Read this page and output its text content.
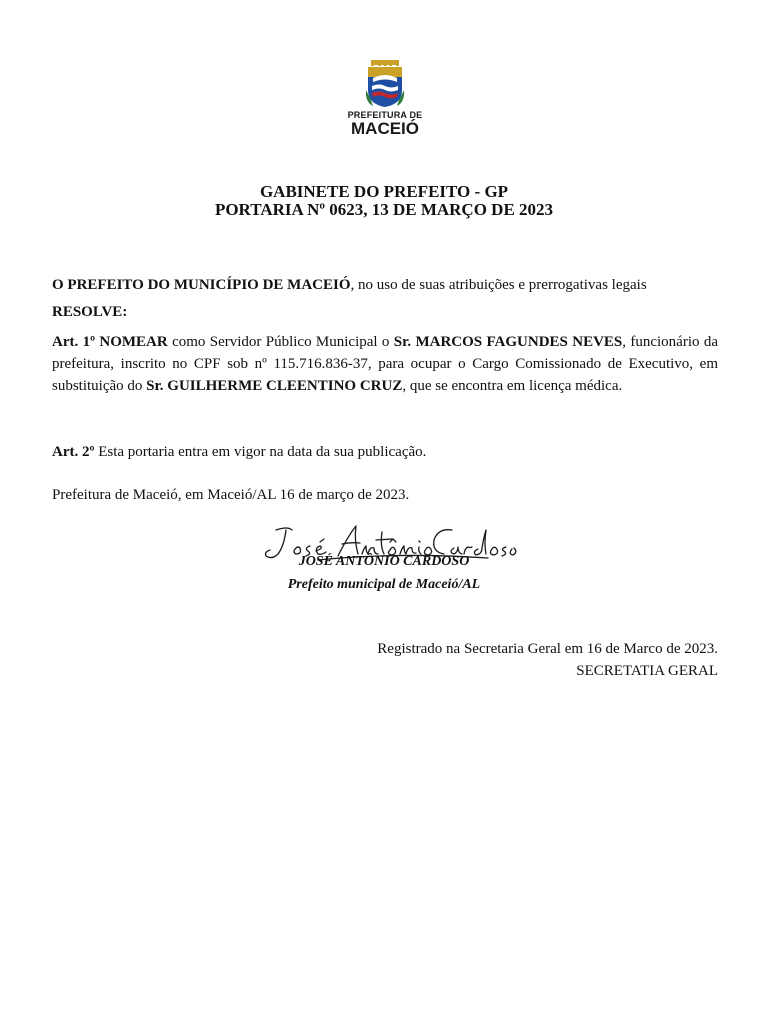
PREFEITURA DE
MACEIÓ
GABINETE DO PREFEITO - GP
PORTARIA Nº 0623, 13 DE MARÇO DE 2023
O PREFEITO DO MUNICÍPIO DE MACEIÓ, no uso de suas atribuições e prerrogativas legais
RESOLVE:
Art. 1º NOMEAR como Servidor Público Municipal o Sr. MARCOS FAGUNDES NEVES, funcionário da prefeitura, inscrito no CPF sob nº 115.716.836-37, para ocupar o Cargo Comissionado de Executivo, em substituição do Sr. GUILHERME CLEENTINO CRUZ, que se encontra em licença médica.
Art. 2º Esta portaria entra em vigor na data da sua publicação.
Prefeitura de Maceió, em Maceió/AL 16 de março de 2023.
JOSÉ ANTÔNIO CARDOSO
Prefeito municipal de Maceió/AL
Registrado na Secretaria Geral em 16 de Marco de 2023.
SECRETATIA GERAL
